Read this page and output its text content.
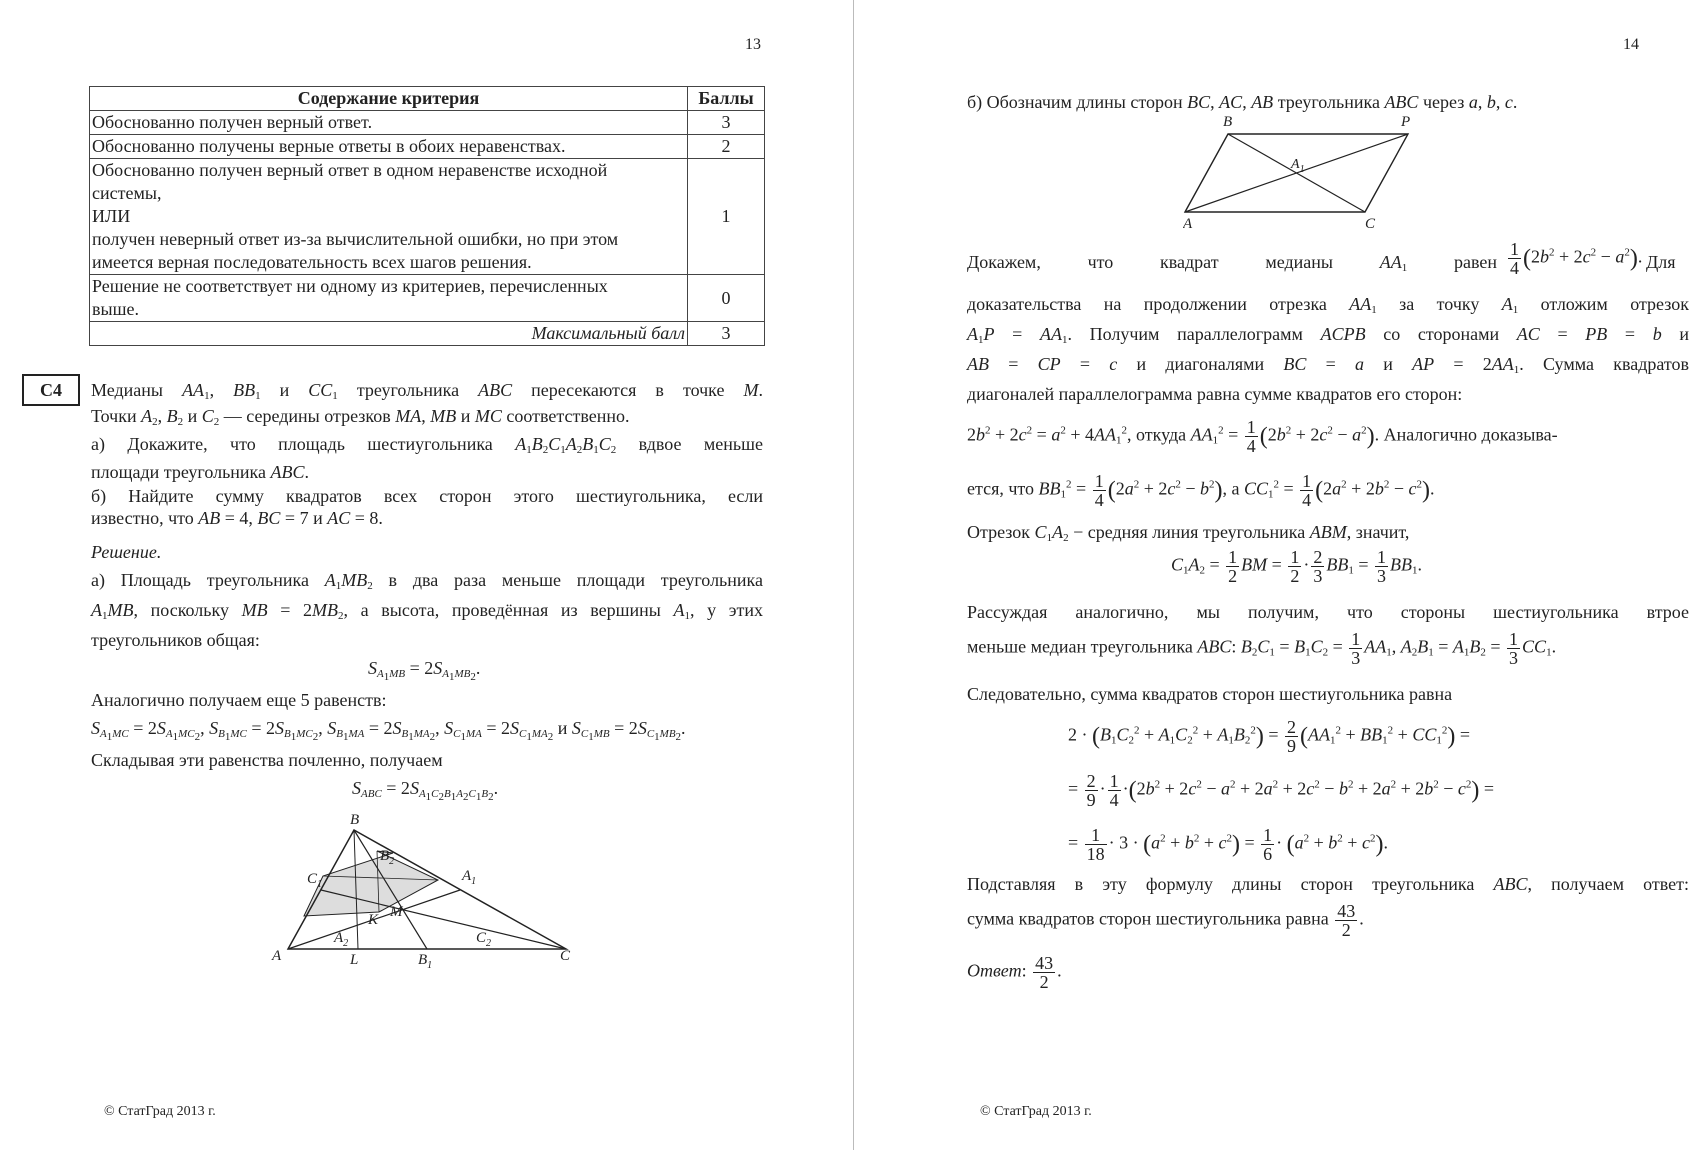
13
Содержание критерия	Баллы
Обоснованно получен верный ответ.	3
Обоснованно получены верные ответы в обоих неравенствах.	2

Обоснованно получен верный ответ в одном неравенстве исходной
системы,
ИЛИ
получен неверный ответ из-за вычислительной ошибки, но при этом
имеется верная последовательность всех шагов решения.	1

Решение не соответствует ни одному из критериев, перечисленных
выше.	0
Максимальный балл	3
C4	Медианы $AA_1$, $BB_1$ и $CC_1$ треугольника ABC пересекаются в точке M.
Точки $A_2$, $B_2$ и $C_2$ — середины отрезков MA, MB и MC соответственно.
а) Докажите, что площадь шестиугольника $A_1B_2C_1A_2B_1C_2$ вдвое меньше
площади треугольника ABC.
б) Найдите сумму квадратов всех сторон этого шестиугольника, если
известно, что AB = 4, BC = 7 и AC = 8.
Решение.
а) Площадь треугольника $A_1MB_2$ в два раза меньше площади треугольника
$A_1MB$, поскольку MB = $2MB_2$, а высота, проведённая из вершины $A_1$, у этих
треугольников общая:
$S_{A_1MB} = 2S_{A_1MB_2}$.
Аналогично получаем еще 5 равенств:
$S_{A_1MC} = 2S_{A_1MC_2}$, $S_{B_1MC} = 2S_{B_1MC_2}$, $S_{B_1MA} = 2S_{B_1MA_2}$, $S_{C_1MA} = 2S_{C_1MA_2}$ и $S_{C_1MB} = 2S_{C_1MB_2}$.
Складывая эти равенства почленно, получаем
$S_{ABC} = 2S_{A_1C_2B_1A_2C_1B_2}$.
B
A	C
$C_1$
$B_2$
$A_1$
M
K
$A_2$	$C_2$
L	$B_1$
© СтатГрад 2013 г.
14
б) Обозначим длины сторон BC, AC, AB треугольника ABC через a, b, c.
B	P
A	C
$A_1$
Докажем, что квадрат медианы $AA_1$ равен $\frac{1}{4} (2b^2 + 2c^2 - a^2)$. Для
доказательства на продолжении отрезка $AA_1$ за точку $A_1$ отложим отрезок
$A_1P = AA_1$. Получим параллелограмм ACPB со сторонами AC = PB = b и
AB = CP = c и диагоналями BC = a и AP = $2AA_1$. Сумма квадратов
диагоналей параллелограмма равна сумме квадратов его сторон:
$2b^2 + 2c^2 = a^2 + 4AA_1^2$, откуда $AA_1^2 = \frac{1}{4} (2b^2 + 2c^2 - a^2)$. Аналогично доказыва-
ется, что $BB_1^2 = \frac{1}{4} (2a^2 + 2c^2 - b^2)$, а $CC_1^2 = \frac{1}{4} (2a^2 + 2b^2 - c^2)$.
Отрезок $C_1A_2$ − средняя линия треугольника ABM, значит,
$C_1A_2 = \frac{1}{2}$ BM = $\frac{1}{2} \cdot \frac{2}{3} BB_1 = \frac{1}{3} BB_1$.
Рассуждая аналогично, мы получим, что стороны шестиугольника втрое
меньше медиан треугольника ABC: $B_2C_1 = B_1C_2 = \frac{1}{3} AA_1$, $A_2B_1 = A_1B_2 = \frac{1}{3} CC_1$.
Следовательно, сумма квадратов сторон шестиугольника равна
$2 \cdot (B_1C_2^2 + A_1C_2^2 + A_1B_2^2) = \frac{2}{9} (AA_1^2 + BB_1^2 + CC_1^2)$ =
= $\frac{2}{9} \cdot \frac{1}{4} \cdot(2b^2 + 2c^2 - a^2 + 2a^2 + 2c^2 - b^2 + 2a^2 + 2b^2 - c^2)$ =
= $\frac{1}{18} \cdot 3 \cdot (a^2 + b^2 + c^2) = \frac{1}{6} \cdot (a^2 + b^2 + c^2)$.
Подставляя в эту формулу длины сторон треугольника ABC, получаем ответ:
сумма квадратов сторон шестиугольника равна $\frac{43}{2}$ .
Ответ: $\frac{43}{2}$ .
© СтатГрад 2013 г.
